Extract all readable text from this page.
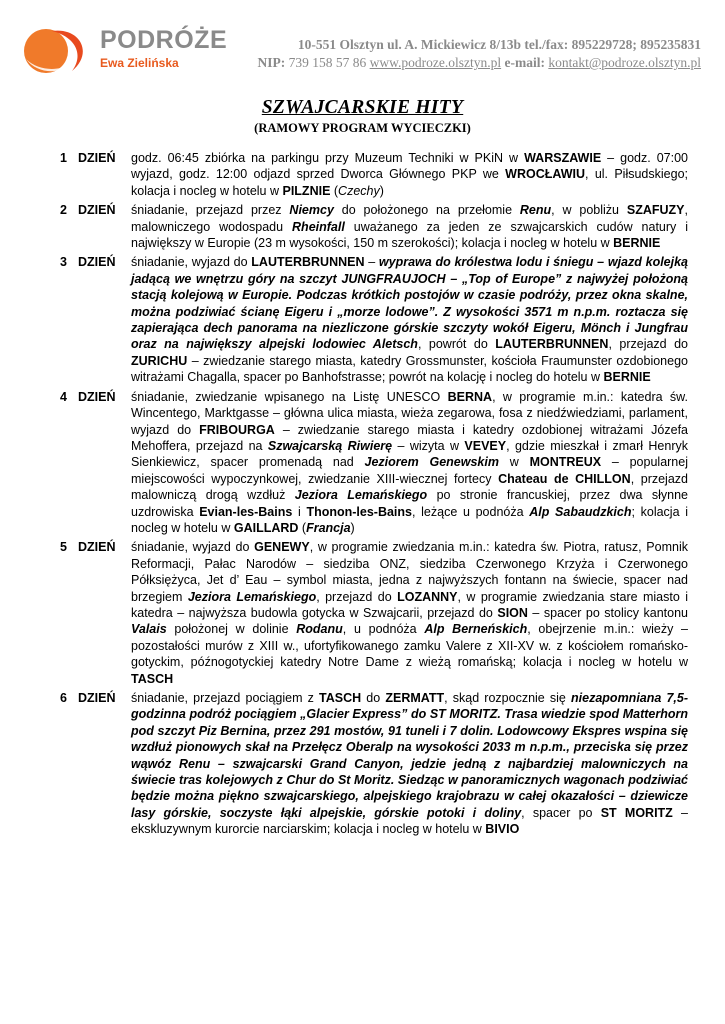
PODRÓŻE
Ewa Zielińska
10-551 Olsztyn ul. A. Mickiewicz 8/13b tel./fax: 895229728; 895235831
NIP: 739 158 57 86 www.podroze.olsztyn.pl e-mail: kontakt@podroze.olsztyn.pl
SZWAJCARSKIE HITY
(RAMOWY PROGRAM WYCIECZKI)
1 DZIEŃ	godz. 06:45 zbiórka na parkingu przy Muzeum Techniki w PKiN w WARSZAWIE – godz. 07:00 wyjazd, godz. 12:00 odjazd sprzed Dworca Głównego PKP we WROCŁAWIU, ul. Piłsudskiego; kolacja i nocleg w hotelu w PILZNIE (Czechy)
2 DZIEŃ	śniadanie, przejazd przez Niemcy do położonego na przełomie Renu, w pobliżu SZAFUZY, malowniczego wodospadu Rheinfall uważanego za jeden ze szwajcarskich cudów natury i największy w Europie (23 m wysokości, 150 m szerokości); kolacja i nocleg w hotelu w BERNIE
3 DZIEŃ	śniadanie, wyjazd do LAUTERBRUNNEN – wyprawa do królestwa lodu i śniegu – wjazd kolejką jadącą we wnętrzu góry na szczyt JUNGFRAUJOCH – „Top of Europe” z najwyżej położoną stacją kolejową w Europie. Podczas krótkich postojów w czasie podróży, przez okna skalne, można podziwiać ścianę Eigeru i „morze lodowe”. Z wysokości 3571 m n.p.m. roztacza się zapierająca dech panorama na niezliczone górskie szczyty wokół Eigeru, Mönch i Jungfrau oraz na największy alpejski lodowiec Aletsch, powrót do LAUTERBRUNNEN, przejazd do ZURICHU – zwiedzanie starego miasta, katedry Grossmunster, kościoła Fraumunster ozdobionego witrażami Chagalla, spacer po Banhofstrasse; powrót na kolację i nocleg do hotelu w BERNIE
4 DZIEŃ	śniadanie, zwiedzanie wpisanego na Listę UNESCO BERNA, w programie m.in.: katedra św. Wincentego, Marktgasse – główna ulica miasta, wieża zegarowa, fosa z niedźwiedziami, parlament, wyjazd do FRIBOURGA – zwiedzanie starego miasta i katedry ozdobionej witrażami Józefa Mehoffera, przejazd na Szwajcarską Riwierę – wizyta w VEVEY, gdzie mieszkał i zmarł Henryk Sienkiewicz, spacer promenadą nad Jeziorem Genewskim w MONTREUX – popularnej miejscowości wypoczynkowej, zwiedzanie XIII-wiecznej fortecy Chateau de CHILLON, przejazd malowniczą drogą wzdłuż Jeziora Lemańskiego po stronie francuskiej, przez dwa słynne uzdrowiska Evian-les-Bains i Thonon-les-Bains, leżące u podnóża Alp Sabaudzkich; kolacja i nocleg w hotelu w GAILLARD (Francja)
5 DZIEŃ	śniadanie, wyjazd do GENEWY, w programie zwiedzania m.in.: katedra św. Piotra, ratusz, Pomnik Reformacji, Pałac Narodów – siedziba ONZ, siedziba Czerwonego Krzyża i Czerwonego Półksiężyca, Jet d’ Eau – symbol miasta, jedna z najwyższych fontann na świecie, spacer nad brzegiem Jeziora Lemańskiego, przejazd do LOZANNY, w programie zwiedzania stare miasto i katedra – najwyższa budowla gotycka w Szwajcarii, przejazd do SION – spacer po stolicy kantonu Valais położonej w dolinie Rodanu, u podnóża Alp Berneńskich, obejrzenie m.in.: wieży – pozostałości murów z XIII w., ufortyfikowanego zamku Valere z XII-XV w. z kościołem romańsko-gotyckim, późnogotyckiej katedry Notre Dame z wieżą romańską; kolacja i nocleg w hotelu w TASCH
6 DZIEŃ	śniadanie, przejazd pociągiem z TASCH do ZERMATT, skąd rozpocznie się niezapomniana 7,5-godzinna podróż pociągiem „Glacier Express” do ST MORITZ. Trasa wiedzie spod Matterhorn pod szczyt Piz Bernina, przez 291 mostów, 91 tuneli i 7 dolin. Lodowcowy Ekspres wspina się wzdłuż pionowych skał na Przełęcz Oberalp na wysokości 2033 m n.p.m., przeciska się przez wąwóz Renu – szwajcarski Grand Canyon, jedzie jedną z najbardziej malowniczych na świecie tras kolejowych z Chur do St Moritz. Siedząc w panoramicznych wagonach podziwiać będzie można piękno szwajcarskiego, alpejskiego krajobrazu w całej okazałości – dziewicze lasy górskie, soczyste łąki alpejskie, górskie potoki i doliny, spacer po ST MORITZ – ekskluzywnym kurorcie narciarskim; kolacja i nocleg w hotelu w BIVIO
